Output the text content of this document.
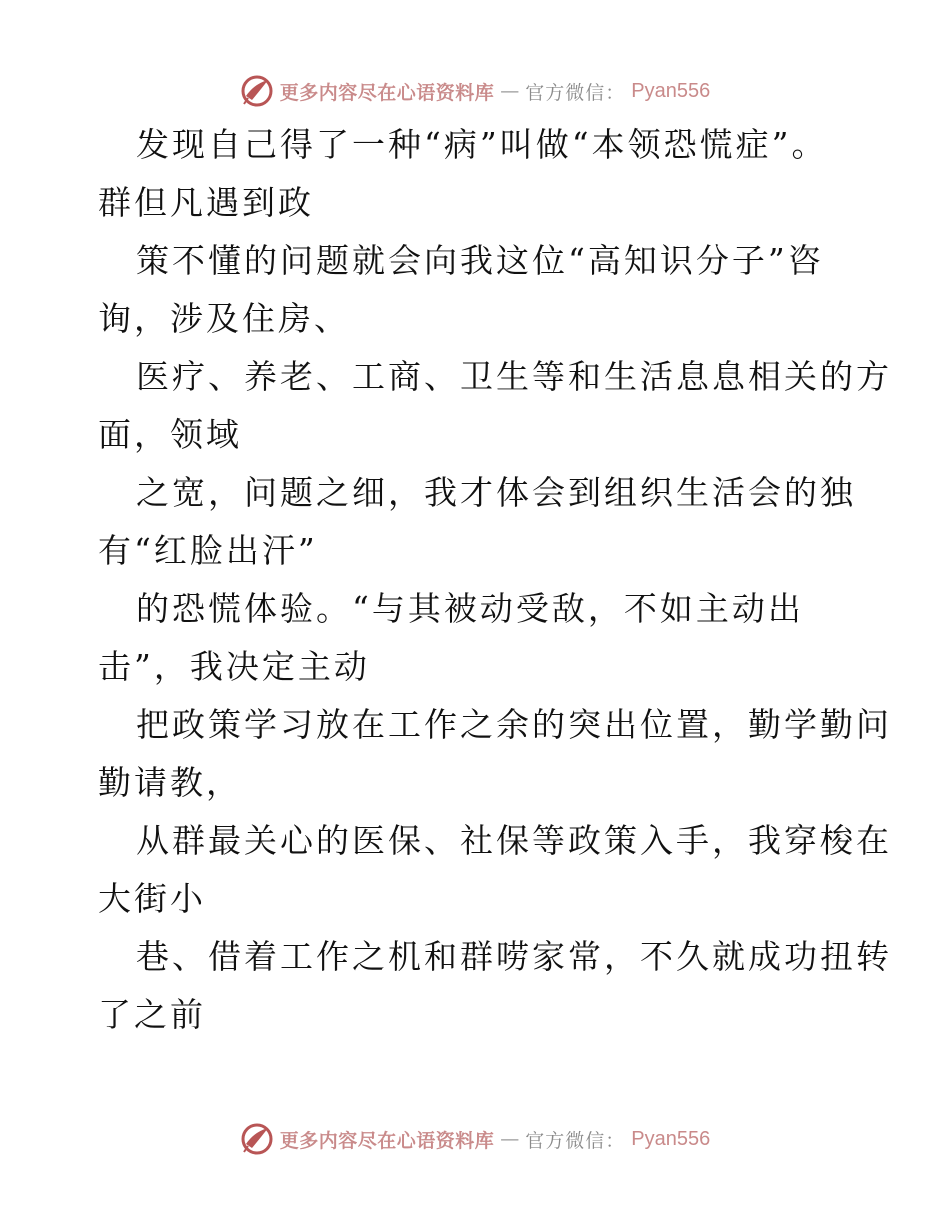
更多内容尽在心语资料库 — 官方微信： Pyan556
发现自己得了一种“病”叫做“本领恐慌症”。
群但凡遇到政
策不懂的问题就会向我这位“高知识分子”咨
询，涉及住房、
医疗、养老、工商、卫生等和生活息息相关的方
面，领域
之宽，问题之细，我才体会到组织生活会的独
有“红脸出汗”
的恐慌体验。“与其被动受敌，不如主动出
击”，我决定主动
把政策学习放在工作之余的突出位置，勤学勤问
勤请教，
从群最关心的医保、社保等政策入手，我穿梭在
大街小
巷、借着工作之机和群唠家常，不久就成功扭转
了之前
更多内容尽在心语资料库 — 官方微信： Pyan556
